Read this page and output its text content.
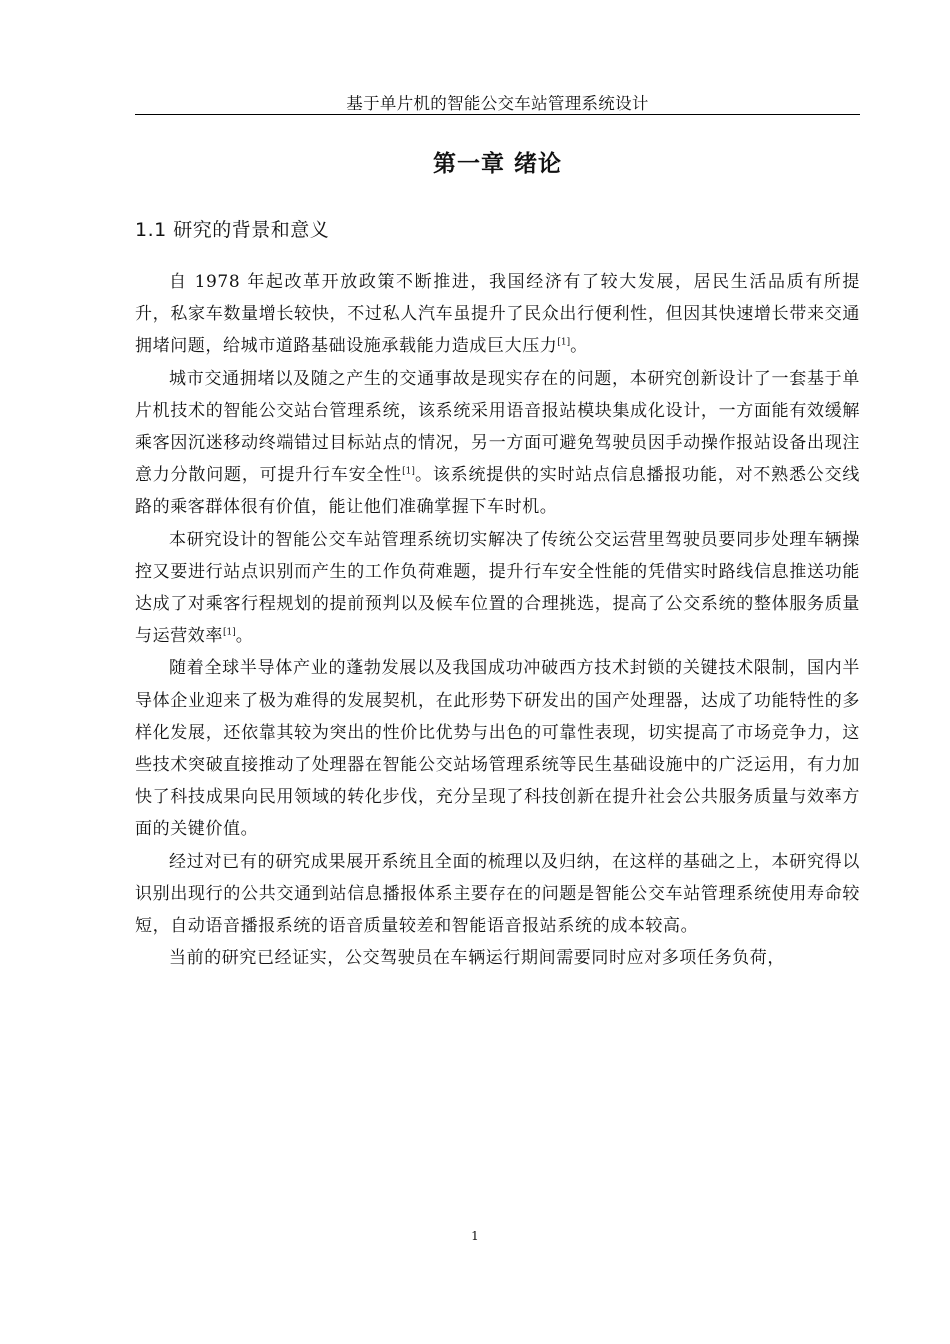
基于单片机的智能公交车站管理系统设计
第一章 绪论
1.1 研究的背景和意义

自 1978 年起改革开放政策不断推进，我国经济有了较大发展，居民生活品质有所提升，私家车数量增长较快，不过私人汽车虽提升了民众出行便利性，但因其快速增长带来交通拥堵问题，给城市道路基础设施承载能力造成巨大压力[1]。

城市交通拥堵以及随之产生的交通事故是现实存在的问题，本研究创新设计了一套基于单片机技术的智能公交站台管理系统，该系统采用语音报站模块集成化设计，一方面能有效缓解乘客因沉迷移动终端错过目标站点的情况，另一方面可避免驾驶员因手动操作报站设备出现注意力分散问题，可提升行车安全性[1]。该系统提供的实时站点信息播报功能，对不熟悉公交线路的乘客群体很有价值，能让他们准确掌握下车时机。

本研究设计的智能公交车站管理系统切实解决了传统公交运营里驾驶员要同步处理车辆操控又要进行站点识别而产生的工作负荷难题，提升行车安全性能的凭借实时路线信息推送功能达成了对乘客行程规划的提前预判以及候车位置的合理挑选，提高了公交系统的整体服务质量与运营效率[1]。

随着全球半导体产业的蓬勃发展以及我国成功冲破西方技术封锁的关键技术限制，国内半导体企业迎来了极为难得的发展契机，在此形势下研发出的国产处理器，达成了功能特性的多样化发展，还依靠其较为突出的性价比优势与出色的可靠性表现，切实提高了市场竞争力，这些技术突破直接推动了处理器在智能公交站场管理系统等民生基础设施中的广泛运用，有力加快了科技成果向民用领域的转化步伐，充分呈现了科技创新在提升社会公共服务质量与效率方面的关键价值。

经过对已有的研究成果展开系统且全面的梳理以及归纳，在这样的基础之上，本研究得以识别出现行的公共交通到站信息播报体系主要存在的问题是智能公交车站管理系统使用寿命较短，自动语音播报系统的语音质量较差和智能语音报站系统的成本较高。

当前的研究已经证实，公交驾驶员在车辆运行期间需要同时应对多项任务负荷，

1
